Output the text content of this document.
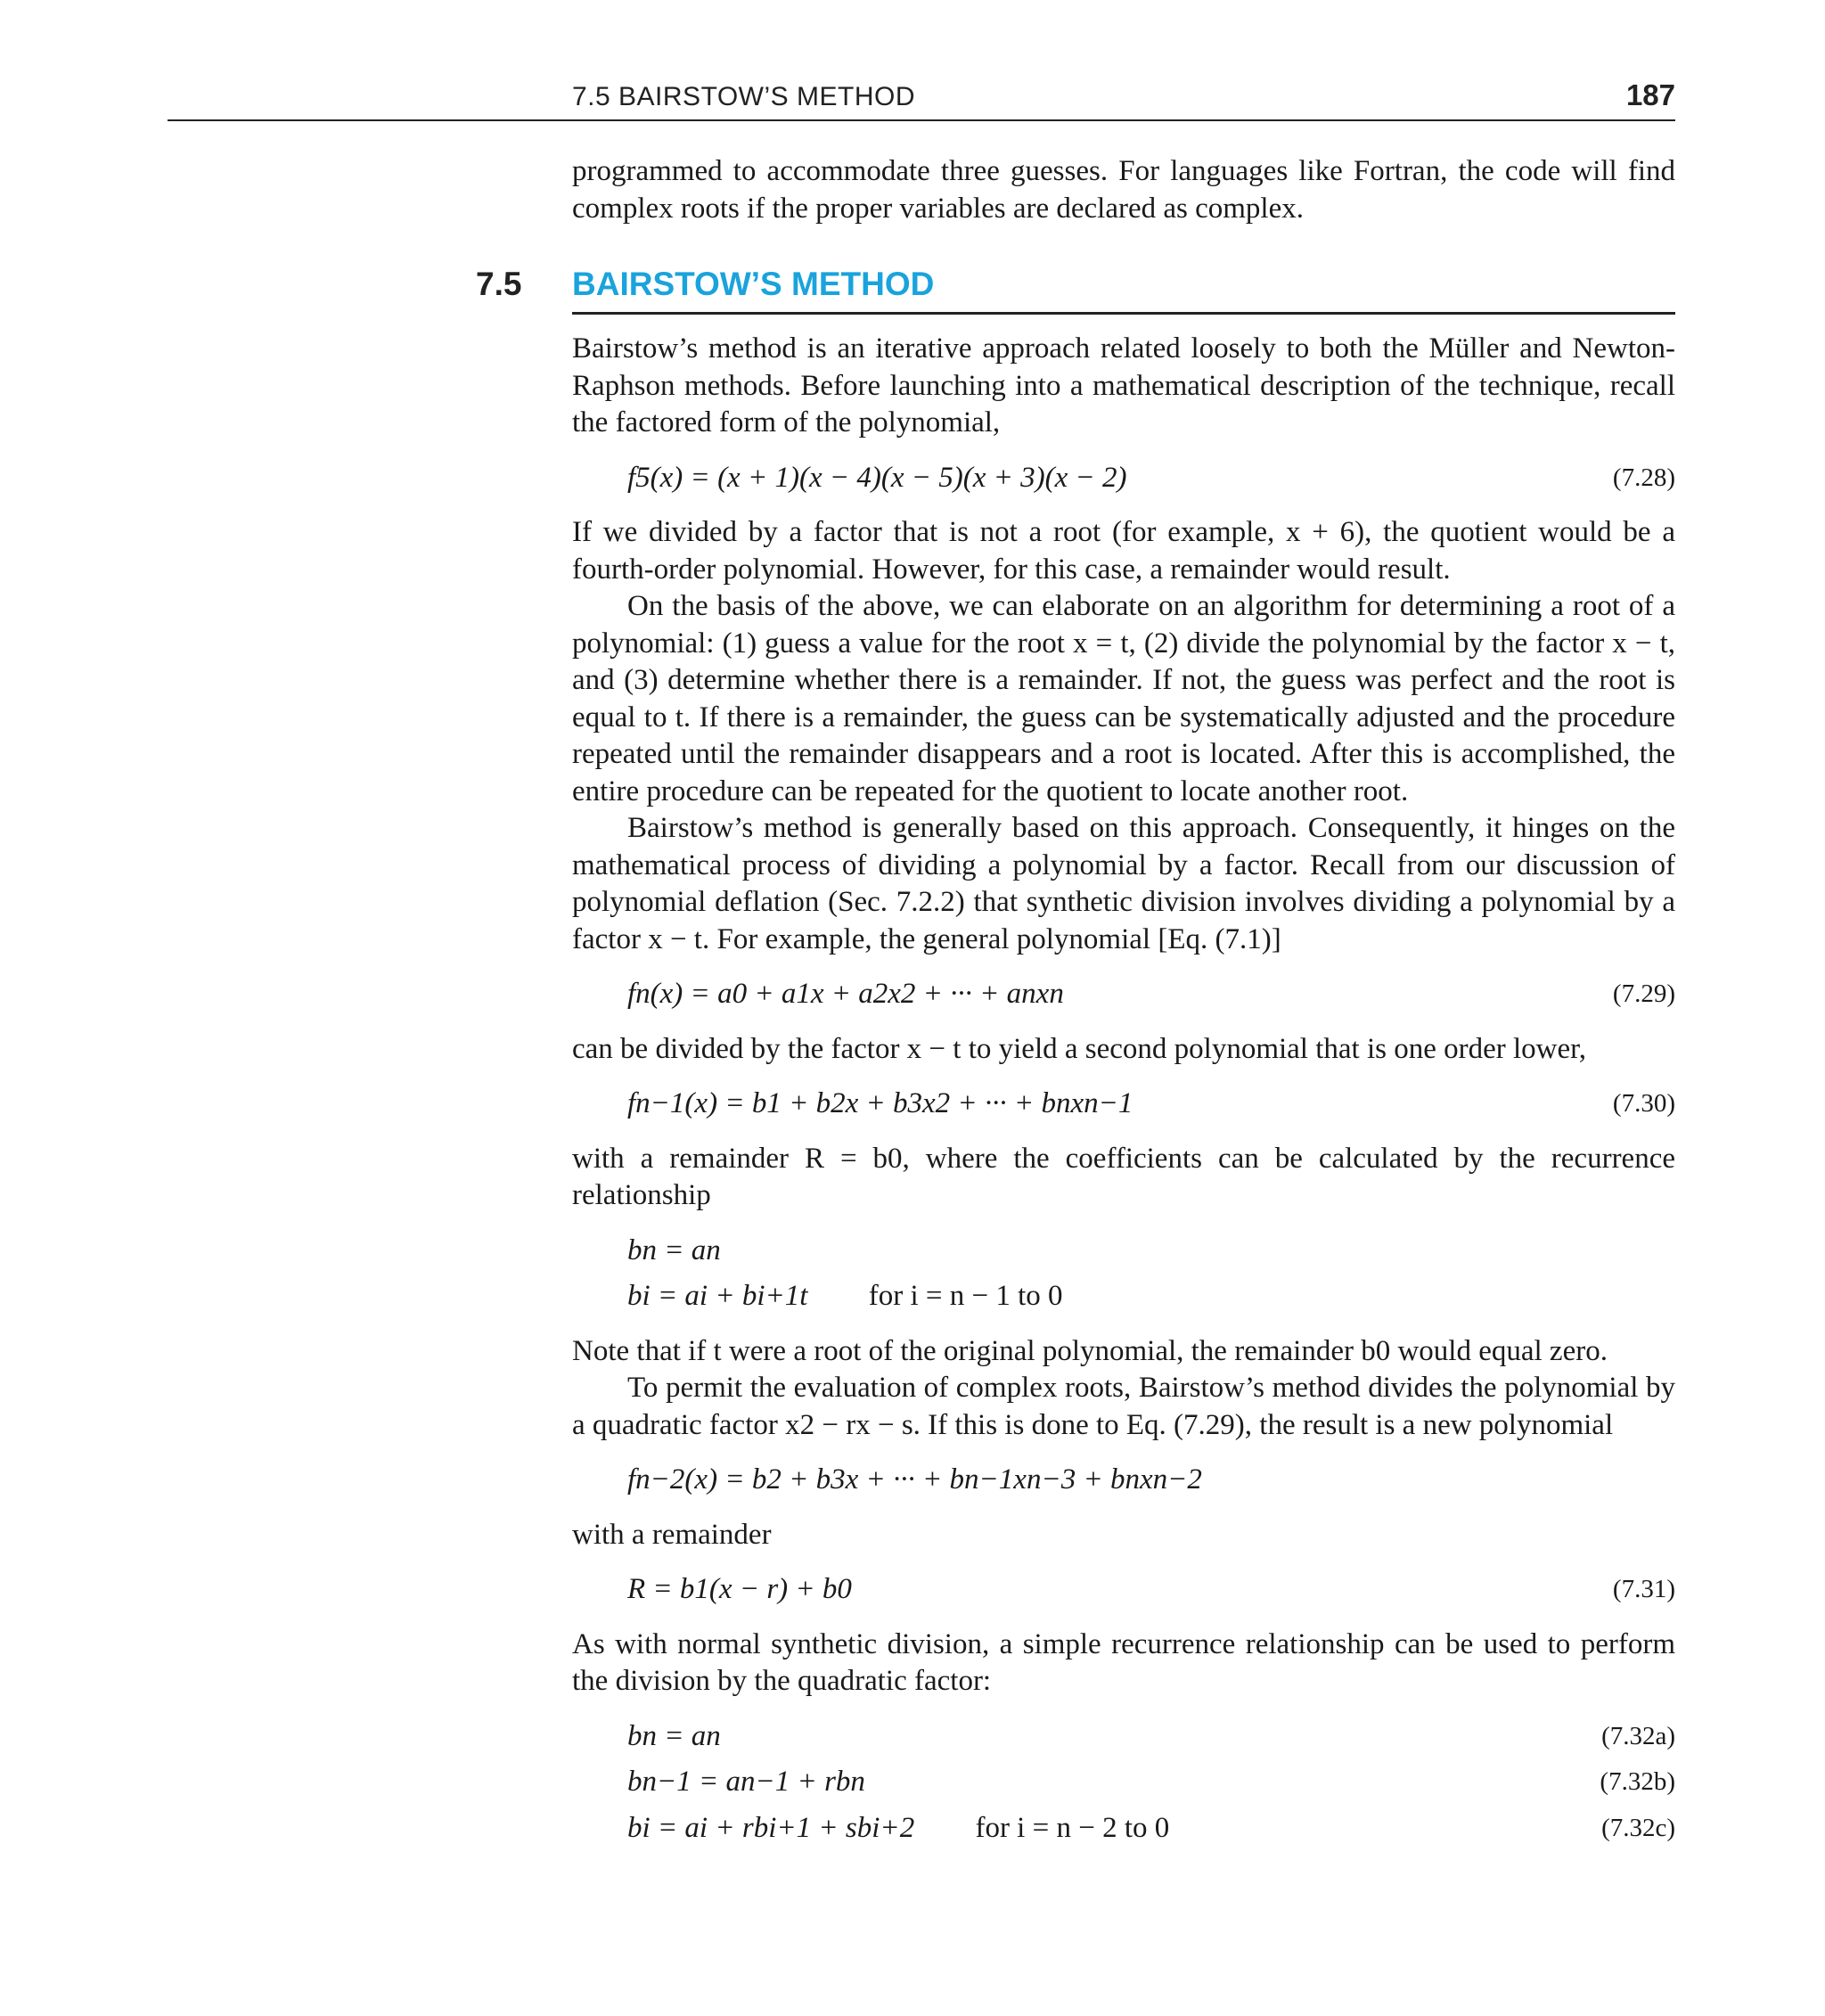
7.5 BAIRSTOW’S METHOD	187

programmed to accommodate three guesses. For languages like Fortran, the code will find complex roots if the proper variables are declared as complex.

7.5 BAIRSTOW’S METHOD

Bairstow’s method is an iterative approach related loosely to both the Müller and Newton-Raphson methods. Before launching into a mathematical description of the technique, recall the factored form of the polynomial,

f5(x) = (x + 1)(x − 4)(x − 5)(x + 3)(x − 2)	(7.28)

If we divided by a factor that is not a root (for example, x + 6), the quotient would be a fourth-order polynomial. However, for this case, a remainder would result.

On the basis of the above, we can elaborate on an algorithm for determining a root of a polynomial: (1) guess a value for the root x = t, (2) divide the polynomial by the factor x − t, and (3) determine whether there is a remainder. If not, the guess was perfect and the root is equal to t. If there is a remainder, the guess can be systematically adjusted and the procedure repeated until the remainder disappears and a root is located. After this is accomplished, the entire procedure can be repeated for the quotient to locate another root.

Bairstow’s method is generally based on this approach. Consequently, it hinges on the mathematical process of dividing a polynomial by a factor. Recall from our discussion of polynomial deflation (Sec. 7.2.2) that synthetic division involves dividing a polynomial by a factor x − t. For example, the general polynomial [Eq. (7.1)]

fn(x) = a0 + a1x + a2x2 + ··· + anxn	(7.29)

can be divided by the factor x − t to yield a second polynomial that is one order lower,

fn−1(x) = b1 + b2x + b3x2 + ··· + bnxn−1	(7.30)

with a remainder R = b0, where the coefficients can be calculated by the recurrence relationship

bn = an
bi = ai + bi+1t for i = n − 1 to 0

Note that if t were a root of the original polynomial, the remainder b0 would equal zero.

To permit the evaluation of complex roots, Bairstow’s method divides the polynomial by a quadratic factor x2 − rx − s. If this is done to Eq. (7.29), the result is a new polynomial

fn−2(x) = b2 + b3x + ··· + bn−1xn−3 + bnxn−2

with a remainder

R = b1(x − r) + b0	(7.31)

As with normal synthetic division, a simple recurrence relationship can be used to perform the division by the quadratic factor:

bn = an	(7.32a)
bn−1 = an−1 + rbn	(7.32b)
bi = ai + rbi+1 + sbi+2 for i = n − 2 to 0	(7.32c)
